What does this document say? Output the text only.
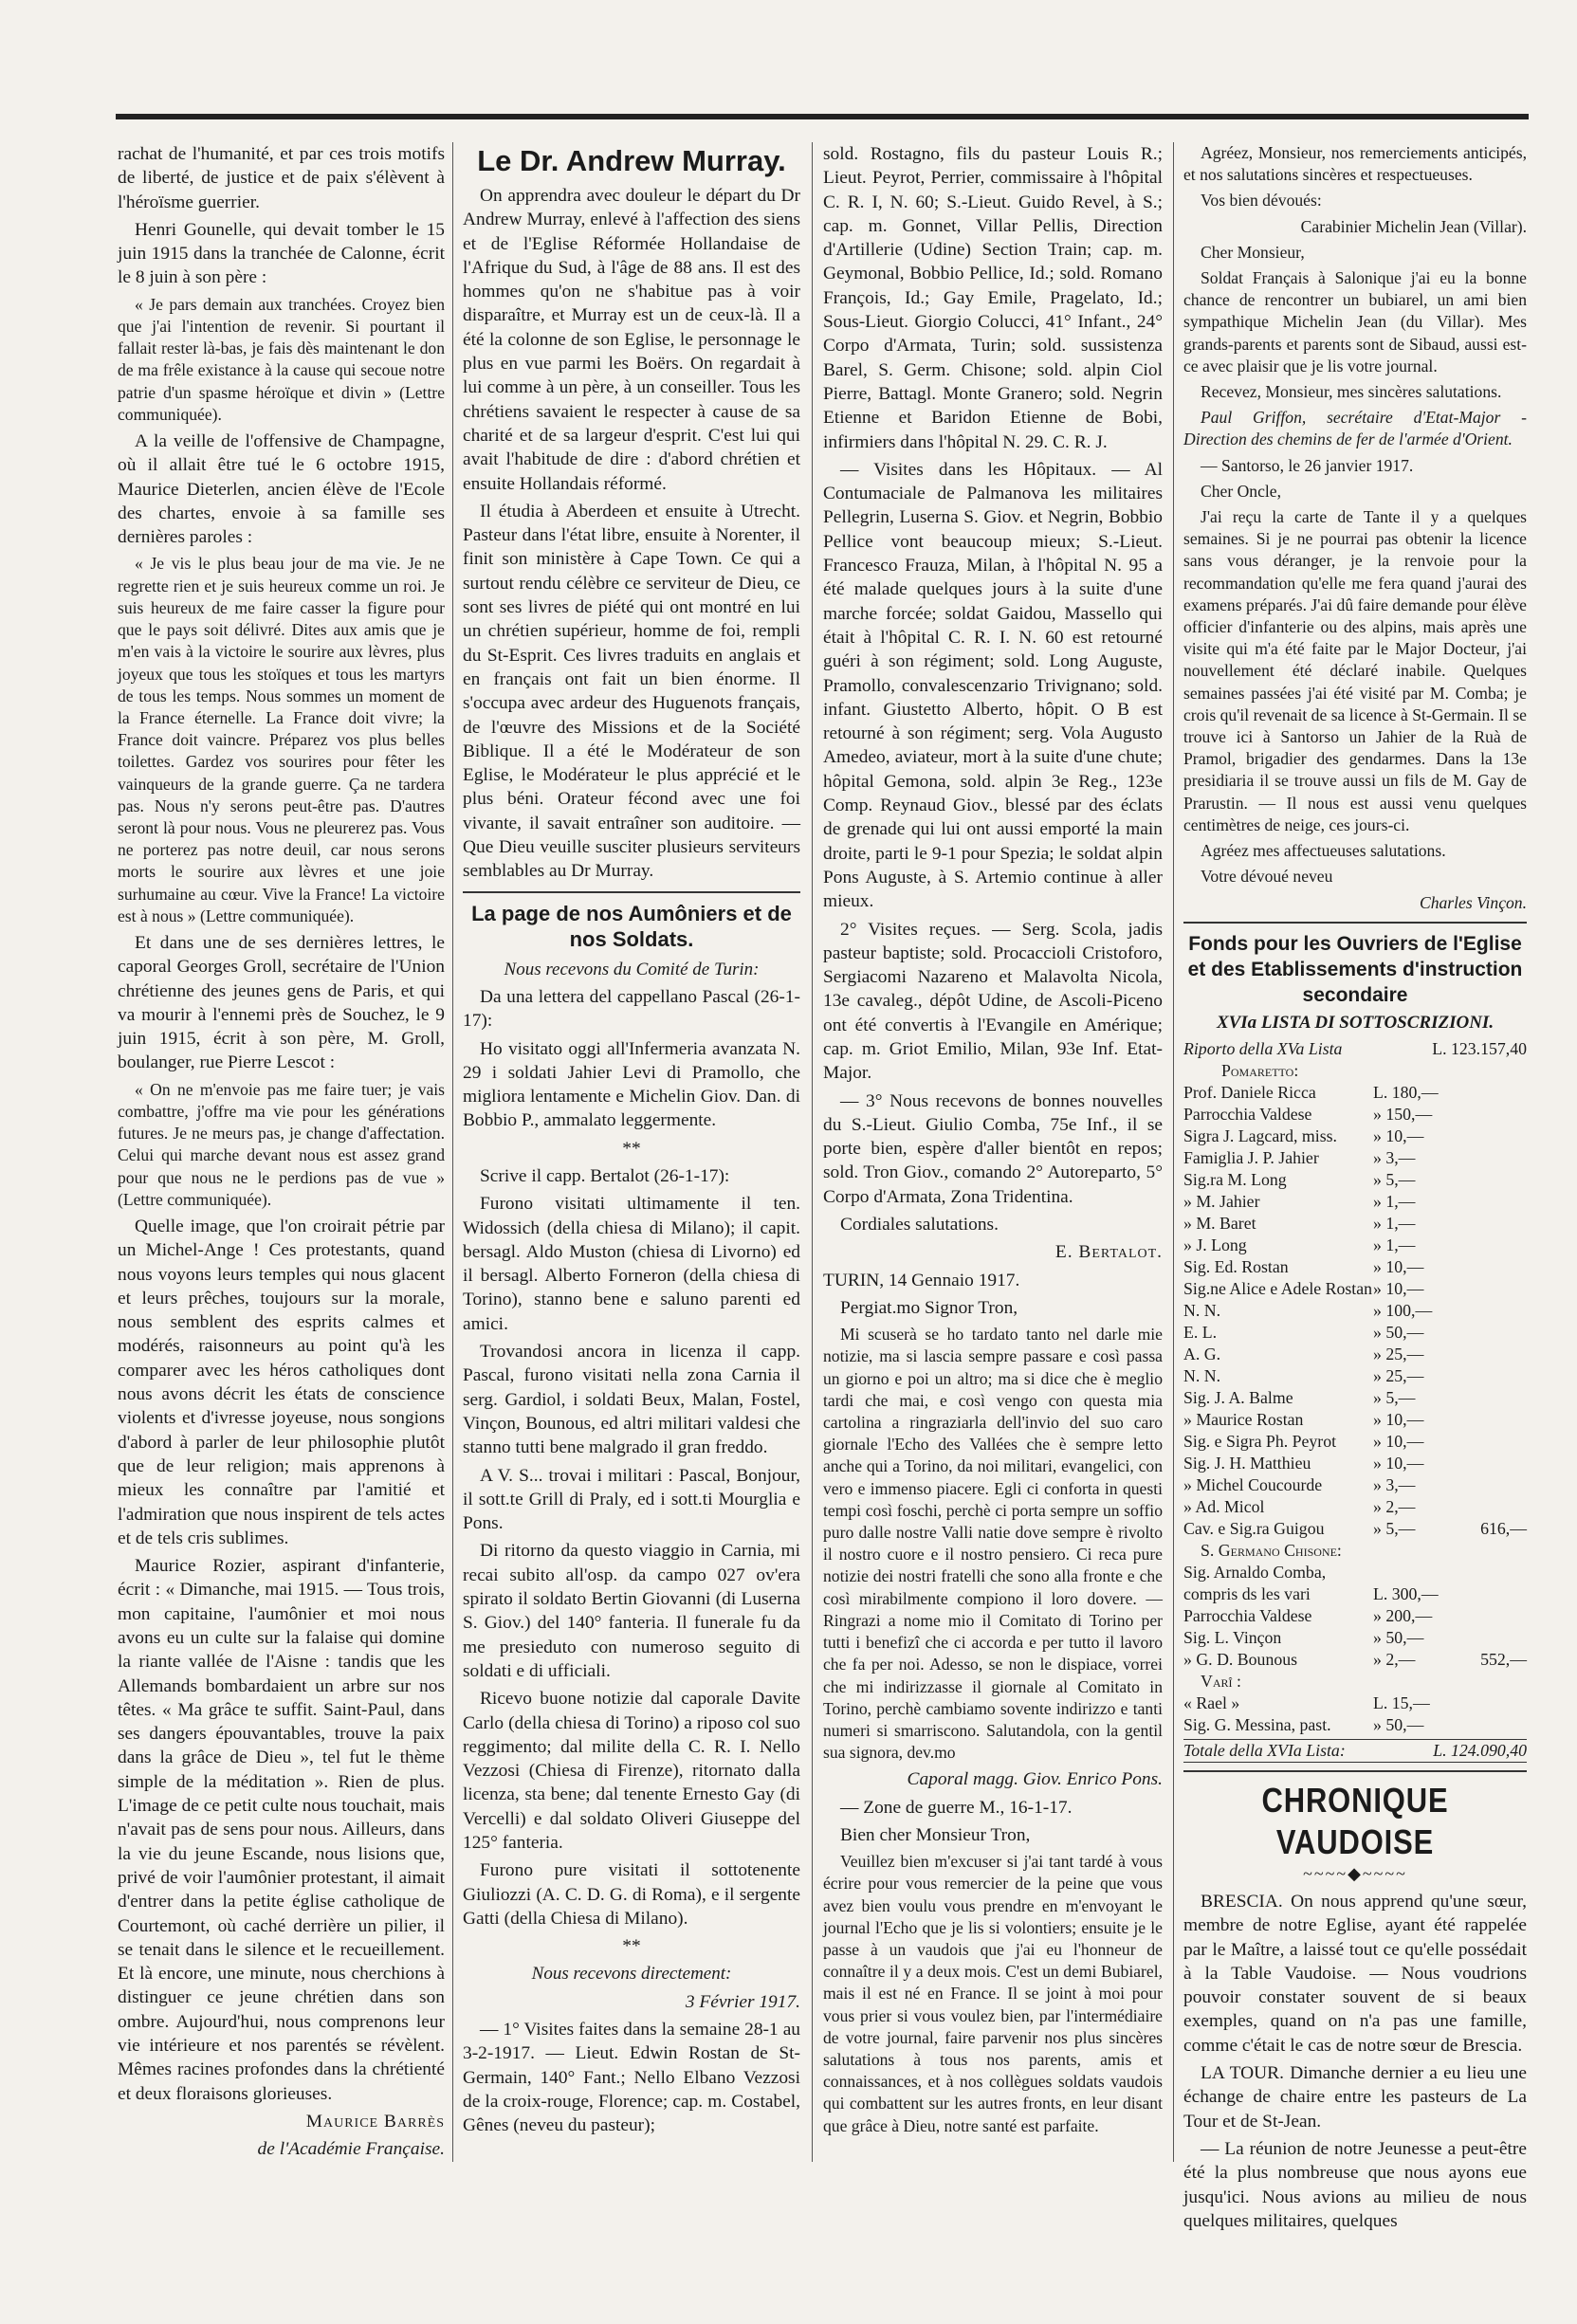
rachat de l'humanité, et par ces trois motifs de liberté, de justice et de paix s'élèvent à l'héroïsme guerrier.

Henri Gounelle, qui devait tomber le 15 juin 1915 dans la tranchée de Calonne, écrit le 8 juin à son père :

« Je pars demain aux tranchées. Croyez bien que j'ai l'intention de revenir. Si pourtant il fallait rester là-bas, je fais dès maintenant le don de ma frêle existance à la cause qui secoue notre patrie d'un spasme héroïque et divin » (Lettre communiquée).

A la veille de l'offensive de Champagne, où il allait être tué le 6 octobre 1915, Maurice Dieterlen, ancien élève de l'Ecole des chartes, envoie à sa famille ses dernières paroles :

« Je vis le plus beau jour de ma vie. Je ne regrette rien et je suis heureux comme un roi. Je suis heureux de me faire casser la figure pour que le pays soit délivré. Dites aux amis que je m'en vais à la victoire le sourire aux lèvres, plus joyeux que tous les stoïques et tous les martyrs de tous les temps. Nous sommes un moment de la France éternelle. La France doit vivre; la France doit vaincre. Préparez vos plus belles toilettes. Gardez vos sourires pour fêter les vainqueurs de la grande guerre. Ça ne tardera pas. Nous n'y serons peut-être pas. D'autres seront là pour nous. Vous ne pleurerez pas. Vous ne porterez pas notre deuil, car nous serons morts le sourire aux lèvres et une joie surhumaine au cœur. Vive la France! La victoire est à nous » (Lettre communiquée).

Et dans une de ses dernières lettres, le caporal Georges Groll, secrétaire de l'Union chrétienne des jeunes gens de Paris, et qui va mourir à l'ennemi près de Souchez, le 9 juin 1915, écrit à son père, M. Groll, boulanger, rue Pierre Lescot :

« On ne m'envoie pas me faire tuer; je vais combattre, j'offre ma vie pour les générations futures. Je ne meurs pas, je change d'affectation. Celui qui marche devant nous est assez grand pour que nous ne le perdions pas de vue » (Lettre communiquée).

Quelle image, que l'on croirait pétrie par un Michel-Ange ! Ces protestants, quand nous voyons leurs temples qui nous glacent et leurs prêches, toujours sur la morale, nous semblent des esprits calmes et modérés, raisonneurs au point qu'à les comparer avec les héros catholiques dont nous avons décrit les états de conscience violents et d'ivresse joyeuse, nous songions d'abord à parler de leur philosophie plutôt que de leur religion; mais apprenons à mieux les connaître par l'amitié et l'admiration que nous inspirent de tels actes et de tels cris sublimes.

Maurice Rozier, aspirant d'infanterie, écrit : « Dimanche, mai 1915. — Tous trois, mon capitaine, l'aumônier et moi nous avons eu un culte sur la falaise qui domine la riante vallée de l'Aisne : tandis que les Allemands bombardaient un arbre sur nos têtes. « Ma grâce te suffit. Saint-Paul, dans ses dangers épouvantables, trouve la paix dans la grâce de Dieu », tel fut le thème simple de la méditation ». Rien de plus. L'image de ce petit culte nous touchait, mais n'avait pas de sens pour nous. Ailleurs, dans la vie du jeune Escande, nous lisions que, privé de voir l'aumônier protestant, il aimait d'entrer dans la petite église catholique de Courtemont, où caché derrière un pilier, il se tenait dans le silence et le recueillement. Et là encore, une minute, nous cherchions à distinguer ce jeune chrétien dans son ombre. Aujourd'hui, nous comprenons leur vie intérieure et nos parentés se révèlent. Mêmes racines profondes dans la chrétienté et deux floraisons glorieuses.

Maurice Barrès

de l'Académie Française.

Le Dr. Andrew Murray.

On apprendra avec douleur le départ du Dr Andrew Murray, enlevé à l'affection des siens et de l'Eglise Réformée Hollandaise de l'Afrique du Sud, à l'âge de 88 ans. Il est des hommes qu'on ne s'habitue pas à voir disparaître, et Murray est un de ceux-là. Il a été la colonne de son Eglise, le personnage le plus en vue parmi les Boërs. On regardait à lui comme à un père, à un conseiller. Tous les chrétiens savaient le respecter à cause de sa charité et de sa largeur d'esprit. C'est lui qui avait l'habitude de dire : d'abord chrétien et ensuite Hollandais réformé.

Il étudia à Aberdeen et ensuite à Utrecht. Pasteur dans l'état libre, ensuite à Norenter, il finit son ministère à Cape Town. Ce qui a surtout rendu célèbre ce serviteur de Dieu, ce sont ses livres de piété qui ont montré en lui un chrétien supérieur, homme de foi, rempli du St-Esprit. Ces livres traduits en anglais et en français ont fait un bien énorme. Il s'occupa avec ardeur des Huguenots français, de l'œuvre des Missions et de la Société Biblique. Il a été le Modérateur de son Eglise, le Modérateur le plus apprécié et le plus béni. Orateur fécond avec une foi vivante, il savait entraîner son auditoire. — Que Dieu veuille susciter plusieurs serviteurs semblables au Dr Murray.

La page de nos Aumôniers et de nos Soldats.
Nous recevons du Comité de Turin:

Da una lettera del cappellano Pascal (26-1-17):

Ho visitato oggi all'Infermeria avanzata N. 29 i soldati Jahier Levi di Pramollo, che migliora lentamente e Michelin Giov. Dan. di Bobbio P., ammalato leggermente.

**

Scrive il capp. Bertalot (26-1-17):

Furono visitati ultimamente il ten. Widossich (della chiesa di Milano); il capit. bersagl. Aldo Muston (chiesa di Livorno) ed il bersagl. Alberto Forneron (della chiesa di Torino), stanno bene e saluno parenti ed amici.

Trovandosi ancora in licenza il capp. Pascal, furono visitati nella zona Carnia il serg. Gardiol, i soldati Beux, Malan, Fostel, Vinçon, Bounous, ed altri militari valdesi che stanno tutti bene malgrado il gran freddo.

A V. S... trovai i militari : Pascal, Bonjour, il sott.te Grill di Praly, ed i sott.ti Mourglia e Pons.

Di ritorno da questo viaggio in Carnia, mi recai subito all'osp. da campo 027 ov'era spirato il soldato Bertin Giovanni (di Luserna S. Giov.) del 140° fanteria. Il funerale fu da me presieduto con numeroso seguito di soldati e di ufficiali.

Ricevo buone notizie dal caporale Davite Carlo (della chiesa di Torino) a riposo col suo reggimento; dal milite della C. R. I. Nello Vezzosi (Chiesa di Firenze), ritornato dalla licenza, sta bene; dal tenente Ernesto Gay (di Vercelli) e dal soldato Oliveri Giuseppe del 125° fanteria.

Furono pure visitati il sottotenente Giuliozzi (A. C. D. G. di Roma), e il sergente Gatti (della Chiesa di Milano).

**

Nous recevons directement:

3 Février 1917.

— 1° Visites faites dans la semaine 28-1 au 3-2-1917. — Lieut. Edwin Rostan de St-Germain, 140° Fant.; Nello Elbano Vezzosi de la croix-rouge, Florence; cap. m. Costabel, Gênes (neveu du pasteur);

sold. Rostagno, fils du pasteur Louis R.; Lieut. Peyrot, Perrier, commissaire à l'hôpital C. R. I, N. 60; S.-Lieut. Guido Revel, à S.; cap. m. Gonnet, Villar Pellis, Direction d'Artillerie (Udine) Section Train; cap. m. Geymonal, Bobbio Pellice, Id.; sold. Romano François, Id.; Gay Emile, Pragelato, Id.; Sous-Lieut. Giorgio Colucci, 41° Infant., 24° Corpo d'Armata, Turin; sold. sussistenza Barel, S. Germ. Chisone; sold. alpin Ciol Pierre, Battagl. Monte Granero; sold. Negrin Etienne et Baridon Etienne de Bobi, infirmiers dans l'hôpital N. 29. C. R. J.

— Visites dans les Hôpitaux. — Al Contumaciale de Palmanova les militaires Pellegrin, Luserna S. Giov. et Negrin, Bobbio Pellice vont beaucoup mieux; S.-Lieut. Francesco Frauza, Milan, à l'hôpital N. 95 a été malade quelques jours à la suite d'une marche forcée; soldat Gaidou, Massello qui était à l'hôpital C. R. I. N. 60 est retourné guéri à son régiment; sold. Long Auguste, Pramollo, convalescenzario Trivignano; sold. infant. Giustetto Alberto, hôpit. O B est retourné à son régiment; serg. Vola Augusto Amedeo, aviateur, mort à la suite d'une chute; hôpital Gemona, sold. alpin 3e Reg., 123e Comp. Reynaud Giov., blessé par des éclats de grenade qui lui ont aussi emporté la main droite, parti le 9-1 pour Spezia; le soldat alpin Pons Auguste, à S. Artemio continue à aller mieux.

2° Visites reçues. — Serg. Scola, jadis pasteur baptiste; sold. Procaccioli Cristoforo, Sergiacomi Nazareno et Malavolta Nicola, 13e cavaleg., dépôt Udine, de Ascoli-Piceno ont été convertis à l'Evangile en Amérique; cap. m. Griot Emilio, Milan, 93e Inf. Etat-Major.

— 3° Nous recevons de bonnes nouvelles du S.-Lieut. Giulio Comba, 75e Inf., il se porte bien, espère d'aller bientôt en repos; sold. Tron Giov., comando 2° Autoreparto, 5° Corpo d'Armata, Zona Tridentina.

Cordiales salutations.

E. Bertalot.

TURIN, 14 Gennaio 1917.

Pergiat.mo Signor Tron,

Mi scuserà se ho tardato tanto nel darle mie notizie, ma si lascia sempre passare e così passa un giorno e poi un altro; ma si dice che è meglio tardi che mai, e così vengo con questa mia cartolina a ringraziarla dell'invio del suo caro giornale l'Echo des Vallées che è sempre letto anche qui a Torino, da noi militari, evangelici, con vero e immenso piacere. Egli ci conforta in questi tempi così foschi, perchè ci porta sempre un soffio puro dalle nostre Valli natie dove sempre è rivolto il nostro cuore e il nostro pensiero. Ci reca pure notizie dei nostri fratelli che sono alla fronte e che così mirabilmente compiono il loro dovere. — Ringrazi a nome mio il Comitato di Torino per tutti i benefizî che ci accorda e per tutto il lavoro che fa per noi. Adesso, se non le dispiace, vorrei che mi indirizzasse il giornale al Comitato in Torino, perchè cambiamo sovente indirizzo e tanti numeri si smarriscono. Salutandola, con la gentil sua signora, dev.mo

Caporal magg. Giov. Enrico Pons.

— Zone de guerre M., 16-1-17.

Bien cher Monsieur Tron,

Veuillez bien m'excuser si j'ai tant tardé à vous écrire pour vous remercier de la peine que vous avez bien voulu vous prendre en m'envoyant le journal l'Echo que je lis si volontiers; ensuite je le passe à un vaudois que j'ai eu l'honneur de connaître il y a deux mois. C'est un demi Bubiarel, mais il est né en France. Il se joint à moi pour vous prier si vous voulez bien, par l'intermédiaire de votre journal, faire parvenir nos plus sincères salutations à tous nos parents, amis et connaissances, et à nos collègues soldats vaudois qui combattent sur les autres fronts, en leur disant que grâce à Dieu, notre santé est parfaite.

Agréez, Monsieur, nos remerciements anticipés, et nos salutations sincères et respectueuses.

Vos bien dévoués:

Carabinier Michelin Jean (Villar).

Cher Monsieur,

Soldat Français à Salonique j'ai eu la bonne chance de rencontrer un bubiarel, un ami bien sympathique Michelin Jean (du Villar). Mes grands-parents et parents sont de Sibaud, aussi est-ce avec plaisir que je lis votre journal.

Recevez, Monsieur, mes sincères salutations.

Paul Griffon, secrétaire d'Etat-Major - Direction des chemins de fer de l'armée d'Orient.

— Santorso, le 26 janvier 1917.

Cher Oncle,

J'ai reçu la carte de Tante il y a quelques semaines. Si je ne pourrai pas obtenir la licence sans vous déranger, je la renvoie pour la recommandation qu'elle me fera quand j'aurai des examens préparés. J'ai dû faire demande pour élève officier d'infanterie ou des alpins, mais après une visite qui m'a été faite par le Major Docteur, j'ai nouvellement été déclaré inabile. Quelques semaines passées j'ai été visité par M. Comba; je crois qu'il revenait de sa licence à St-Germain. Il se trouve ici à Santorso un Jahier de la Ruà de Pramol, brigadier des gendarmes. Dans la 13e presidiaria il se trouve aussi un fils de M. Gay de Prarustin. — Il nous est aussi venu quelques centimètres de neige, ces jours-ci.

Agréez mes affectueuses salutations.

Votre dévoué neveu

Charles Vinçon.

Fonds pour les Ouvriers de l'Eglise
et des Etablissements d'instruction secondaire
XVIa LISTA DI SOTTOSCRIZIONI.
Riporto della XVa Lista	L. 123.157,40
Pomaretto:
Prof. Daniele Ricca	L. 180,—
Parrocchia Valdese	» 150,—
Sigra J. Lagcard, miss.	» 10,—
Famiglia J. P. Jahier	» 3,—
Sig.ra M. Long	» 5,—
» M. Jahier	» 1,—
» M. Baret	» 1,—
» J. Long	» 1,—
Sig. Ed. Rostan	» 10,—
Sig.ne Alice e Adele Rostan » 10,—
N. N.	» 100,—
E. L.	» 50,—
A. G.	» 25,—
N. N.	» 25,—
Sig. J. A. Balme	» 5,—
» Maurice Rostan	» 10,—
Sig. e Sigra Ph. Peyrot	» 10,—
Sig. J. H. Matthieu	» 10,—
» Michel Coucourde	» 3,—
» Ad. Micol	» 2,—
Cav. e Sig.ra Guigou	» 5,—	616,—
S. Germano Chisone:
Sig. Arnaldo Comba,
compris ds les vari	L. 300,—
Parrocchia Valdese	» 200,—
Sig. L. Vinçon	» 50,—
» G. D. Bounous	» 2,—	552,—
Varî :
« Rael »	L. 15,—
Sig. G. Messina, past.	» 50,—
Totale della XVIa Lista:	L. 124.090,40
CHRONIQUE VAUDOISE
~~~~◆~~~~

BRESCIA. On nous apprend qu'une sœur, membre de notre Eglise, ayant été rappelée par le Maître, a laissé tout ce qu'elle possédait à la Table Vaudoise. — Nous voudrions pouvoir constater souvent de si beaux exemples, quand on n'a pas une famille, comme c'était le cas de notre sœur de Brescia.

LA TOUR. Dimanche dernier a eu lieu une échange de chaire entre les pasteurs de La Tour et de St-Jean.

— La réunion de notre Jeunesse a peut-être été la plus nombreuse que nous ayons eue jusqu'ici. Nous avions au milieu de nous quelques militaires, quelques
